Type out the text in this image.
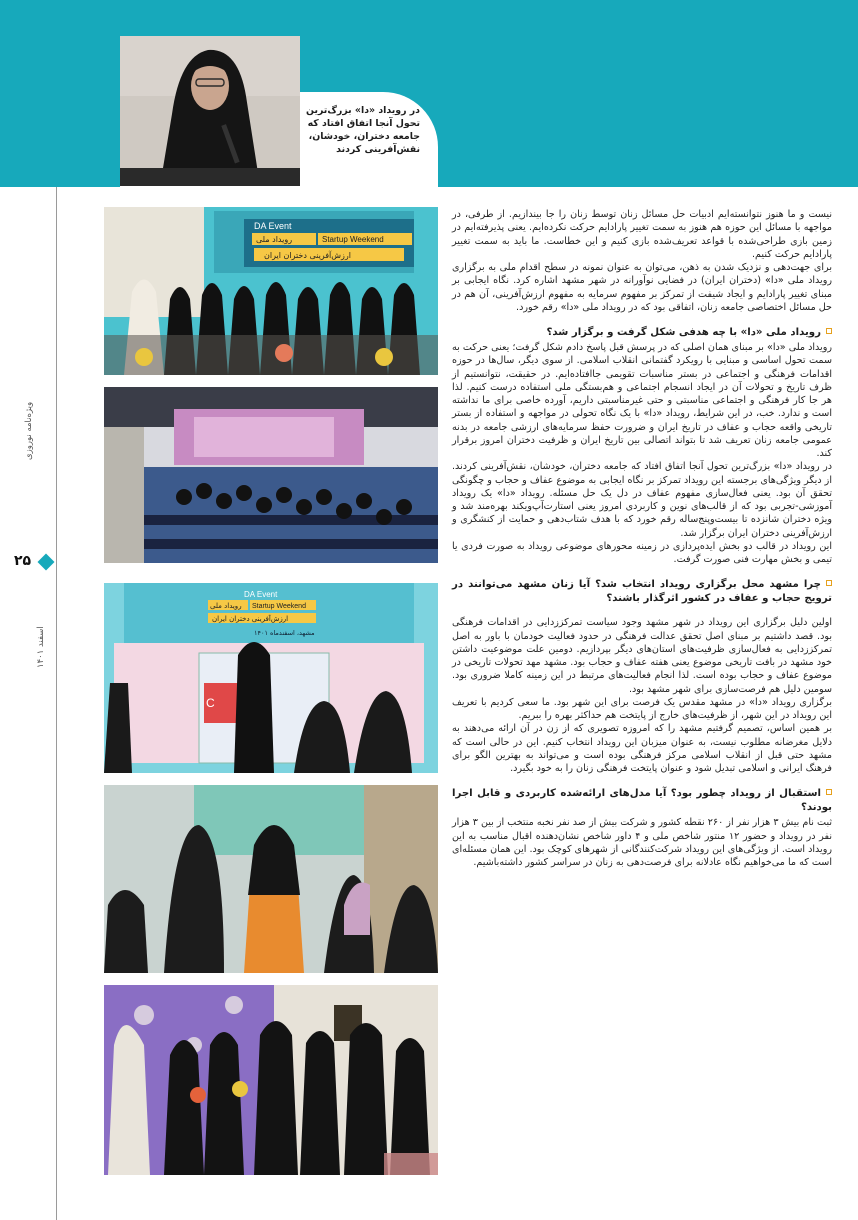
در رویداد «دا» بزرگ‌ترین تحول آنجا اتفاق افتاد که جامعه دختران، خودشان، نقش‌آفرینی کردند
ویژه‌نامه نوروزی
۲۵
اسفند ۱۴۰۱
DA Event
رویداد ملی	Startup Weekend
ارزش‌آفرینی دختران ایران
DA Event
رویداد ملی Startup Weekend
ارزش‌آفرینی دختران ایران
مشهد، اسفندماه ۱۴۰۱
C

نیست و ما هنوز نتوانسته‌ایم ادبیات حل مسائل زنان توسط زنان را جا بیندازیم. از طرفی، در مواجهه با مسائل این حوزه هم هنوز به سمت تغییر پارادایم حرکت نکرده‌ایم. یعنی پذیرفته‌ایم در زمین بازی طراحی‌شده با قواعد تعریف‌شده بازی کنیم و این خطاست. ما باید به سمت تغییر پارادایم حرکت کنیم.

برای جهت‌دهی و نزدیک شدن به ذهن، می‌توان به عنوان نمونه در سطح اقدام ملی به برگزاری رویداد ملی «دا» (دختران ایران) در فضایی نوآورانه در شهر مشهد اشاره کرد. نگاه ایجابی بر مبنای تغییر پارادایم و ایجاد شیفت از تمرکز بر مفهوم سرمایه به مفهوم ارزش‌آفرینی، آن هم در حل مسائل اختصاصی جامعه زنان، اتفاقی بود که در رویداد ملی «دا» رقم خورد.

رویداد ملی «دا» با چه هدفی شکل گرفت و برگزار شد؟

رویداد ملی «دا» بر مبنای همان اصلی که در پرسش قبل پاسخ دادم شکل گرفت؛ یعنی حرکت به سمت تحول اساسی و مبنایی با رویکرد گفتمانی انقلاب اسلامی. از سوی دیگر، سال‌ها در حوزه اقدامات فرهنگی و اجتماعی در بستر مناسبات تقویمی جاافتاده‌ایم. در حقیقت، نتوانستیم از ظرف تاریخ و تحولات آن در ایجاد انسجام اجتماعی و هم‌بستگی ملی استفاده درست کنیم. لذا هر جا کار فرهنگی و اجتماعی مناسبتی و حتی غیرمناسبتی داریم، آورده خاصی برای ما نداشته است و ندارد. خب، در این شرایط، رویداد «دا» با یک نگاه تحولی در مواجهه و استفاده از بستر تاریخی واقعه حجاب و عفاف در تاریخ ایران و ضرورت حفظ سرمایه‌های ارزشی جامعه در بدنه عمومی جامعه زنان تعریف شد تا بتواند اتصالی بین تاریخ ایران و ظرفیت دختران امروز برقرار کند.

در رویداد «دا» بزرگ‌ترین تحول آنجا اتفاق افتاد که جامعه دختران، خودشان، نقش‌آفرینی کردند. از دیگر ویژگی‌های برجسته این رویداد تمرکز بر نگاه ایجابی به موضوع عفاف و حجاب و چگونگی تحقق آن بود. یعنی فعال‌سازی مفهوم عفاف در دل یک حل مسئله. رویداد «دا» یک رویداد آموزشی-تجربی بود که از قالب‌های نوین و کاربردی امروز یعنی استارت‌آپ‌ویکند بهره‌مند شد و ویژه دختران شانزده تا بیست‌وپنج‌ساله رقم خورد که با هدف شتاب‌دهی و حمایت از کنشگری و ارزش‌آفرینی دختران ایران برگزار شد.

این رویداد در قالب دو بخش ایده‌پردازی در زمینه محورهای موضوعی رویداد به صورت فردی یا تیمی و بخش مهارت فنی صورت گرفت.

چرا مشهد محل برگزاری رویداد انتخاب شد؟ آیا زنان مشهد می‌توانند در ترویج حجاب و عفاف در کشور اثرگذار باشند؟

اولین دلیل برگزاری این رویداد در شهر مشهد وجود سیاست تمرکززدایی در اقدامات فرهنگی بود. قصد داشتیم بر مبنای اصل تحقق عدالت فرهنگی در حدود فعالیت خودمان با باور به اصل تمرکززدایی به فعال‌سازی ظرفیت‌های استان‌های دیگر بپردازیم. دومین علت موضوعیت داشتن خود مشهد در بافت تاریخی موضوع یعنی هفته عفاف و حجاب بود. مشهد مهد تحولات تاریخی در موضوع عفاف و حجاب بوده است. لذا انجام فعالیت‌های مرتبط در این زمینه کاملا ضروری بود. سومین دلیل هم فرصت‌سازی برای شهر مشهد بود.

برگزاری رویداد «دا» در مشهد مقدس یک فرصت برای این شهر بود. ما سعی کردیم با تعریف این رویداد در این شهر، از ظرفیت‌های خارج از پایتخت هم حداکثر بهره را ببریم.

بر همین اساس، تصمیم گرفتیم مشهد را که امروزه تصویری که از زن در آن ارائه می‌دهند به دلایل مغرضانه مطلوب نیست، به عنوان میزبان این رویداد انتخاب کنیم. این در حالی است که مشهد حتی قبل از انقلاب اسلامی مرکز فرهنگی بوده است و می‌تواند به بهترین الگو برای فرهنگ ایرانی و اسلامی تبدیل شود و عنوان پایتخت فرهنگی زنان را به خود بگیرد.

استقبال از رویداد چطور بود؟ آیا مدل‌های ارائه‌شده کاربردی و قابل اجرا بودند؟

ثبت نام بیش ۳ هزار نفر از ۲۶۰ نقطه کشور و شرکت بیش از صد نفر نخبه منتخب از بین ۳ هزار نفر در رویداد و حضور ۱۲ منتور شاخص ملی و ۴ داور شاخص نشان‌دهنده اقبال مناسب به این رویداد است. از ویژگی‌های این رویداد شرکت‌کنندگانی از شهرهای کوچک بود. این همان مسئله‌ای است که ما می‌خواهیم نگاه عادلانه برای فرصت‌دهی به زنان در سراسر کشور داشته‌باشیم.
